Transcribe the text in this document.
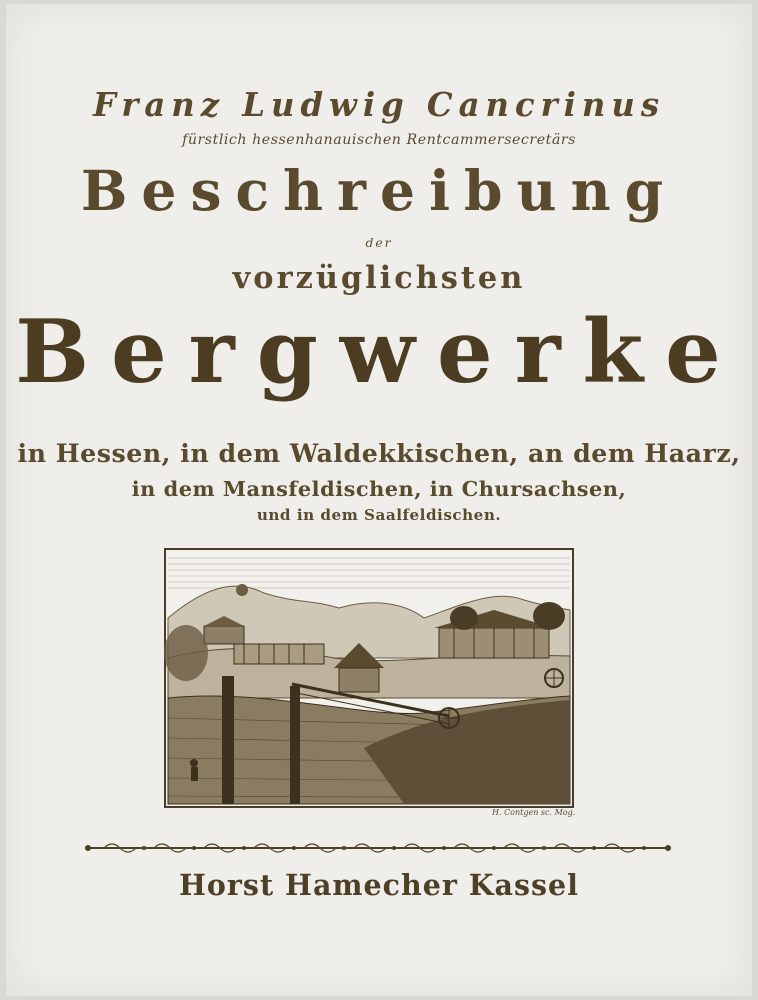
Franz Ludwig Cancrinus
fürstlich hessenhanauischen Rentcammersecretärs
Beschreibung
der
vorzüglichsten
Bergwerke
in Hessen, in dem Waldekkischen, an dem Haarz,
in dem Mansfeldischen, in Chursachsen,
und in dem Saalfeldischen.
H. Contgen sc. Mog.
Horst Hamecher Kassel
